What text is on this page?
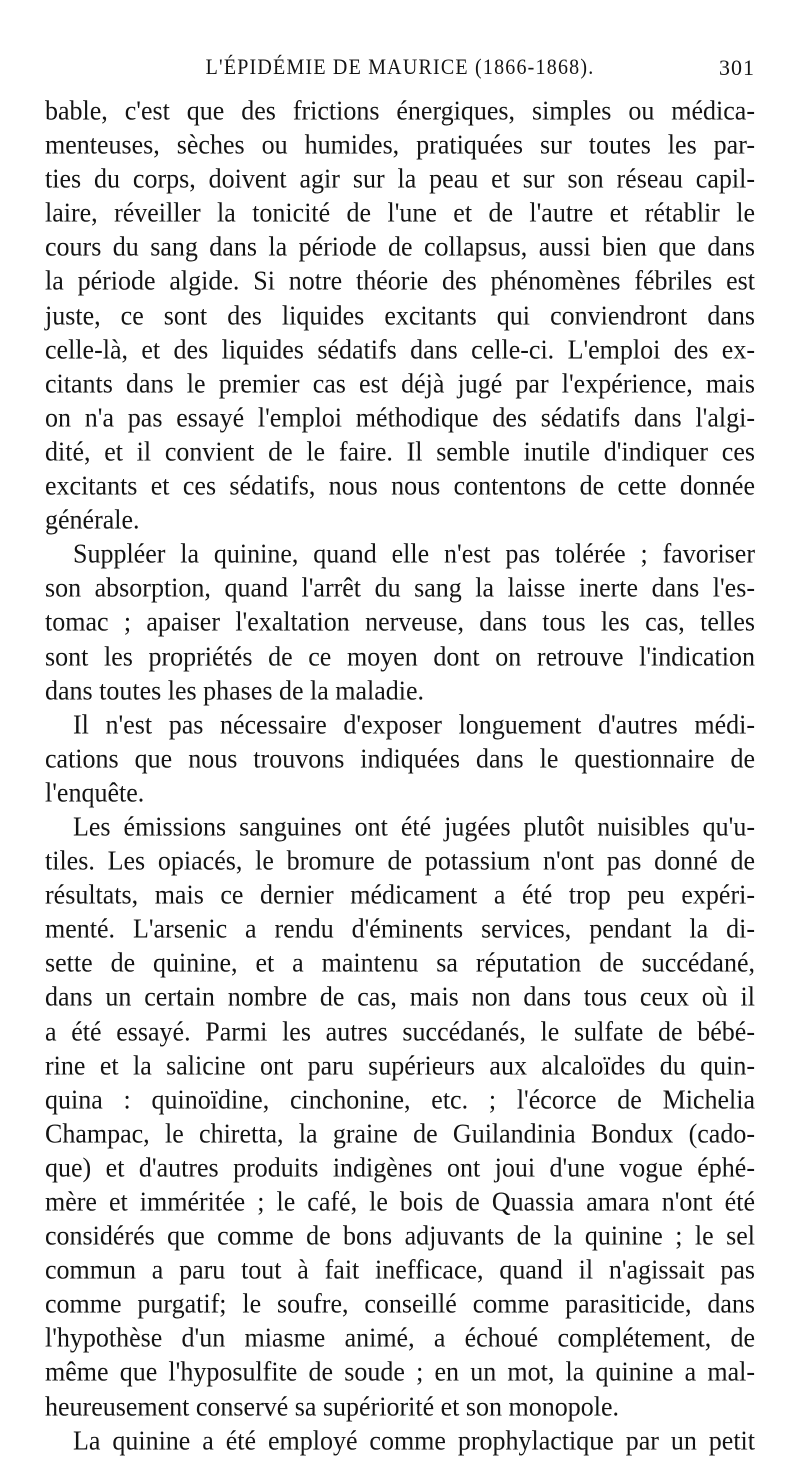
L'ÉPIDÉMIE DE MAURICE (1866-1868).	301
bable, c'est que des frictions énergiques, simples ou médica-
menteuses, sèches ou humides, pratiquées sur toutes les par-
ties du corps, doivent agir sur la peau et sur son réseau capil-
laire, réveiller la tonicité de l'une et de l'autre et rétablir le
cours du sang dans la période de collapsus, aussi bien que dans
la période algide. Si notre théorie des phénomènes fébriles est
juste, ce sont des liquides excitants qui conviendront dans
celle-là, et des liquides sédatifs dans celle-ci. L'emploi des ex-
citants dans le premier cas est déjà jugé par l'expérience, mais
on n'a pas essayé l'emploi méthodique des sédatifs dans l'algi-
dité, et il convient de le faire. Il semble inutile d'indiquer ces
excitants et ces sédatifs, nous nous contentons de cette donnée
générale.
Suppléer la quinine, quand elle n'est pas tolérée ; favoriser
son absorption, quand l'arrêt du sang la laisse inerte dans l'es-
tomac ; apaiser l'exaltation nerveuse, dans tous les cas, telles
sont les propriétés de ce moyen dont on retrouve l'indication
dans toutes les phases de la maladie.
Il n'est pas nécessaire d'exposer longuement d'autres médi-
cations que nous trouvons indiquées dans le questionnaire de
l'enquête.
Les émissions sanguines ont été jugées plutôt nuisibles qu'u-
tiles. Les opiacés, le bromure de potassium n'ont pas donné de
résultats, mais ce dernier médicament a été trop peu expéri-
menté. L'arsenic a rendu d'éminents services, pendant la di-
sette de quinine, et a maintenu sa réputation de succédané,
dans un certain nombre de cas, mais non dans tous ceux où il
a été essayé. Parmi les autres succédanés, le sulfate de bébé-
rine et la salicine ont paru supérieurs aux alcaloïdes du quin-
quina : quinoïdine, cinchonine, etc. ; l'écorce de Michelia
Champac, le chiretta, la graine de Guilandinia Bondux (cado-
que) et d'autres produits indigènes ont joui d'une vogue éphé-
mère et imméritée ; le café, le bois de Quassia amara n'ont été
considérés que comme de bons adjuvants de la quinine ; le sel
commun a paru tout à fait inefficace, quand il n'agissait pas
comme purgatif; le soufre, conseillé comme parasiticide, dans
l'hypothèse d'un miasme animé, a échoué complétement, de
même que l'hyposulfite de soude ; en un mot, la quinine a mal-
heureusement conservé sa supériorité et son monopole.
La quinine a été employé comme prophylactique par un petit
